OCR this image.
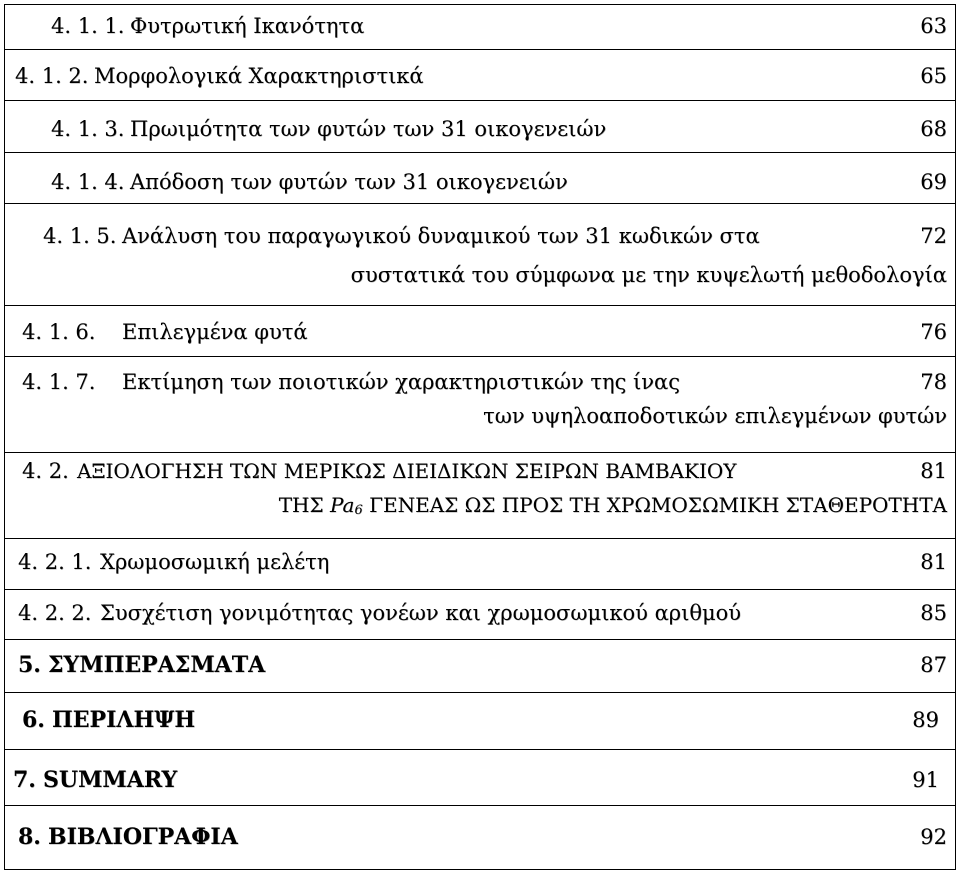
4. 1. 1. Φυτρωτική Ικανότητα	63
4. 1. 2. Μορφολογικά Χαρακτηριστικά	65
4. 1. 3. Πρωιμότητα των φυτών των 31 οικογενειών	68
4. 1. 4. Απόδοση των φυτών των 31 οικογενειών	69
4. 1. 5. Ανάλυση του παραγωγικού δυναμικού των 31 κωδικών στα	72
συστατικά του σύμφωνα με την κυψελωτή μεθοδολογία
4. 1. 6. Επιλεγμένα φυτά	76
4. 1. 7. Εκτίμηση των ποιοτικών χαρακτηριστικών της ίνας	78
των υψηλοαποδοτικών επιλεγμένων φυτών
4. 2. ΑΞΙΟΛΟΓΗΣΗ ΤΩΝ ΜΕΡΙΚΩΣ ΔΙΕΙΔΙΚΩΝ ΣΕΙΡΩΝ ΒΑΜΒΑΚΙΟΥ	81
ΤΗΣ $Pa_6$ ΓΕΝΕΑΣ ΩΣ ΠΡΟΣ ΤΗ ΧΡΩΜΟΣΩΜΙΚΗ ΣΤΑΘΕΡΟΤΗΤΑ
4. 2. 1. Χρωμοσωμική μελέτη	81
4. 2. 2. Συσχέτιση γονιμότητας γονέων και χρωμοσωμικού αριθμού	85
5. ΣΥΜΠΕΡΑΣΜΑΤΑ	87
6. ΠΕΡΙΛΗΨΗ	89
7. SUMMARY	91
8. ΒΙΒΛΙΟΓΡΑΦΙΑ	92
